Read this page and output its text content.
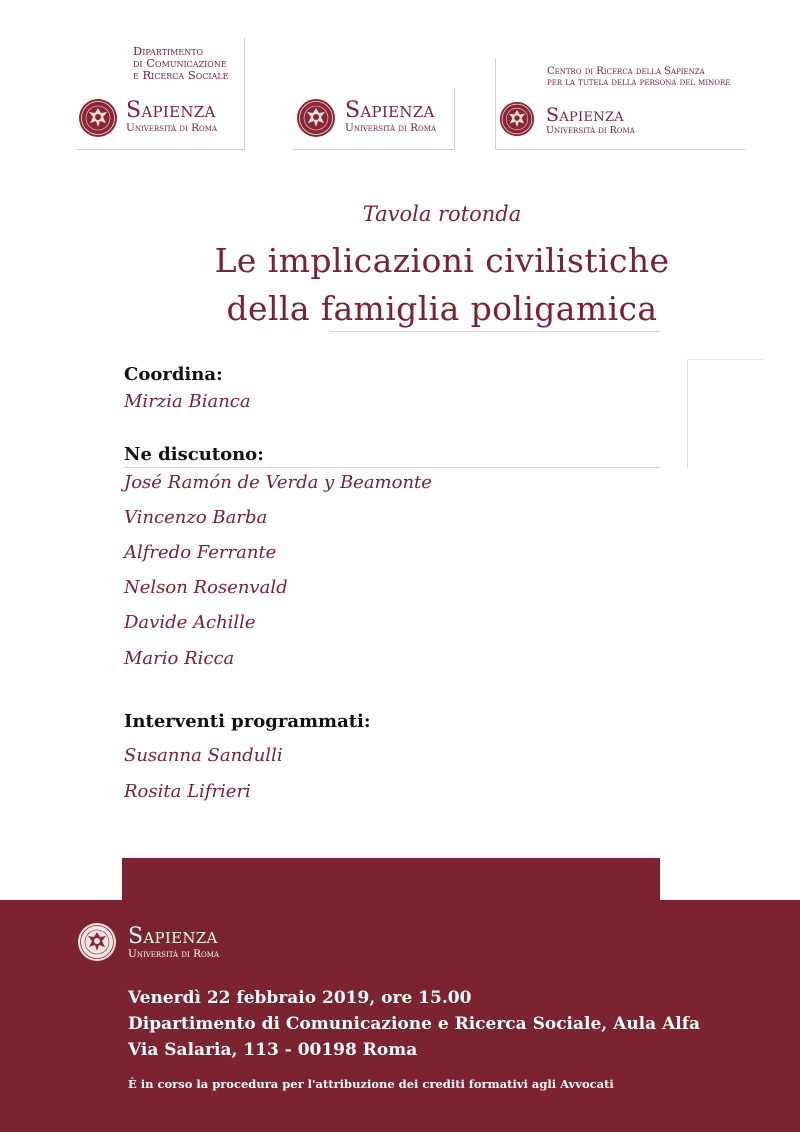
Dipartimento
di Comunicazione
e Ricerca Sociale
Sapienza
Università di Roma
Sapienza
Università di Roma
Centro di Ricerca della Sapienza
per la tutela della persona del minore
Sapienza
Università di Roma
Tavola rotonda
Le implicazioni civilistiche
della famiglia poligamica
Coordina:
Mirzia Bianca
Ne discutono:
José Ramón de Verda y Beamonte
Vincenzo Barba
Alfredo Ferrante
Nelson Rosenvald
Davide Achille
Mario Ricca
Interventi programmati:
Susanna Sandulli
Rosita Lifrieri
Sapienza
Università di Roma
Venerdì 22 febbraio 2019, ore 15.00
Dipartimento di Comunicazione e Ricerca Sociale, Aula Alfa
Via Salaria, 113 - 00198 Roma
È in corso la procedura per l'attribuzione dei crediti formativi agli Avvocati
